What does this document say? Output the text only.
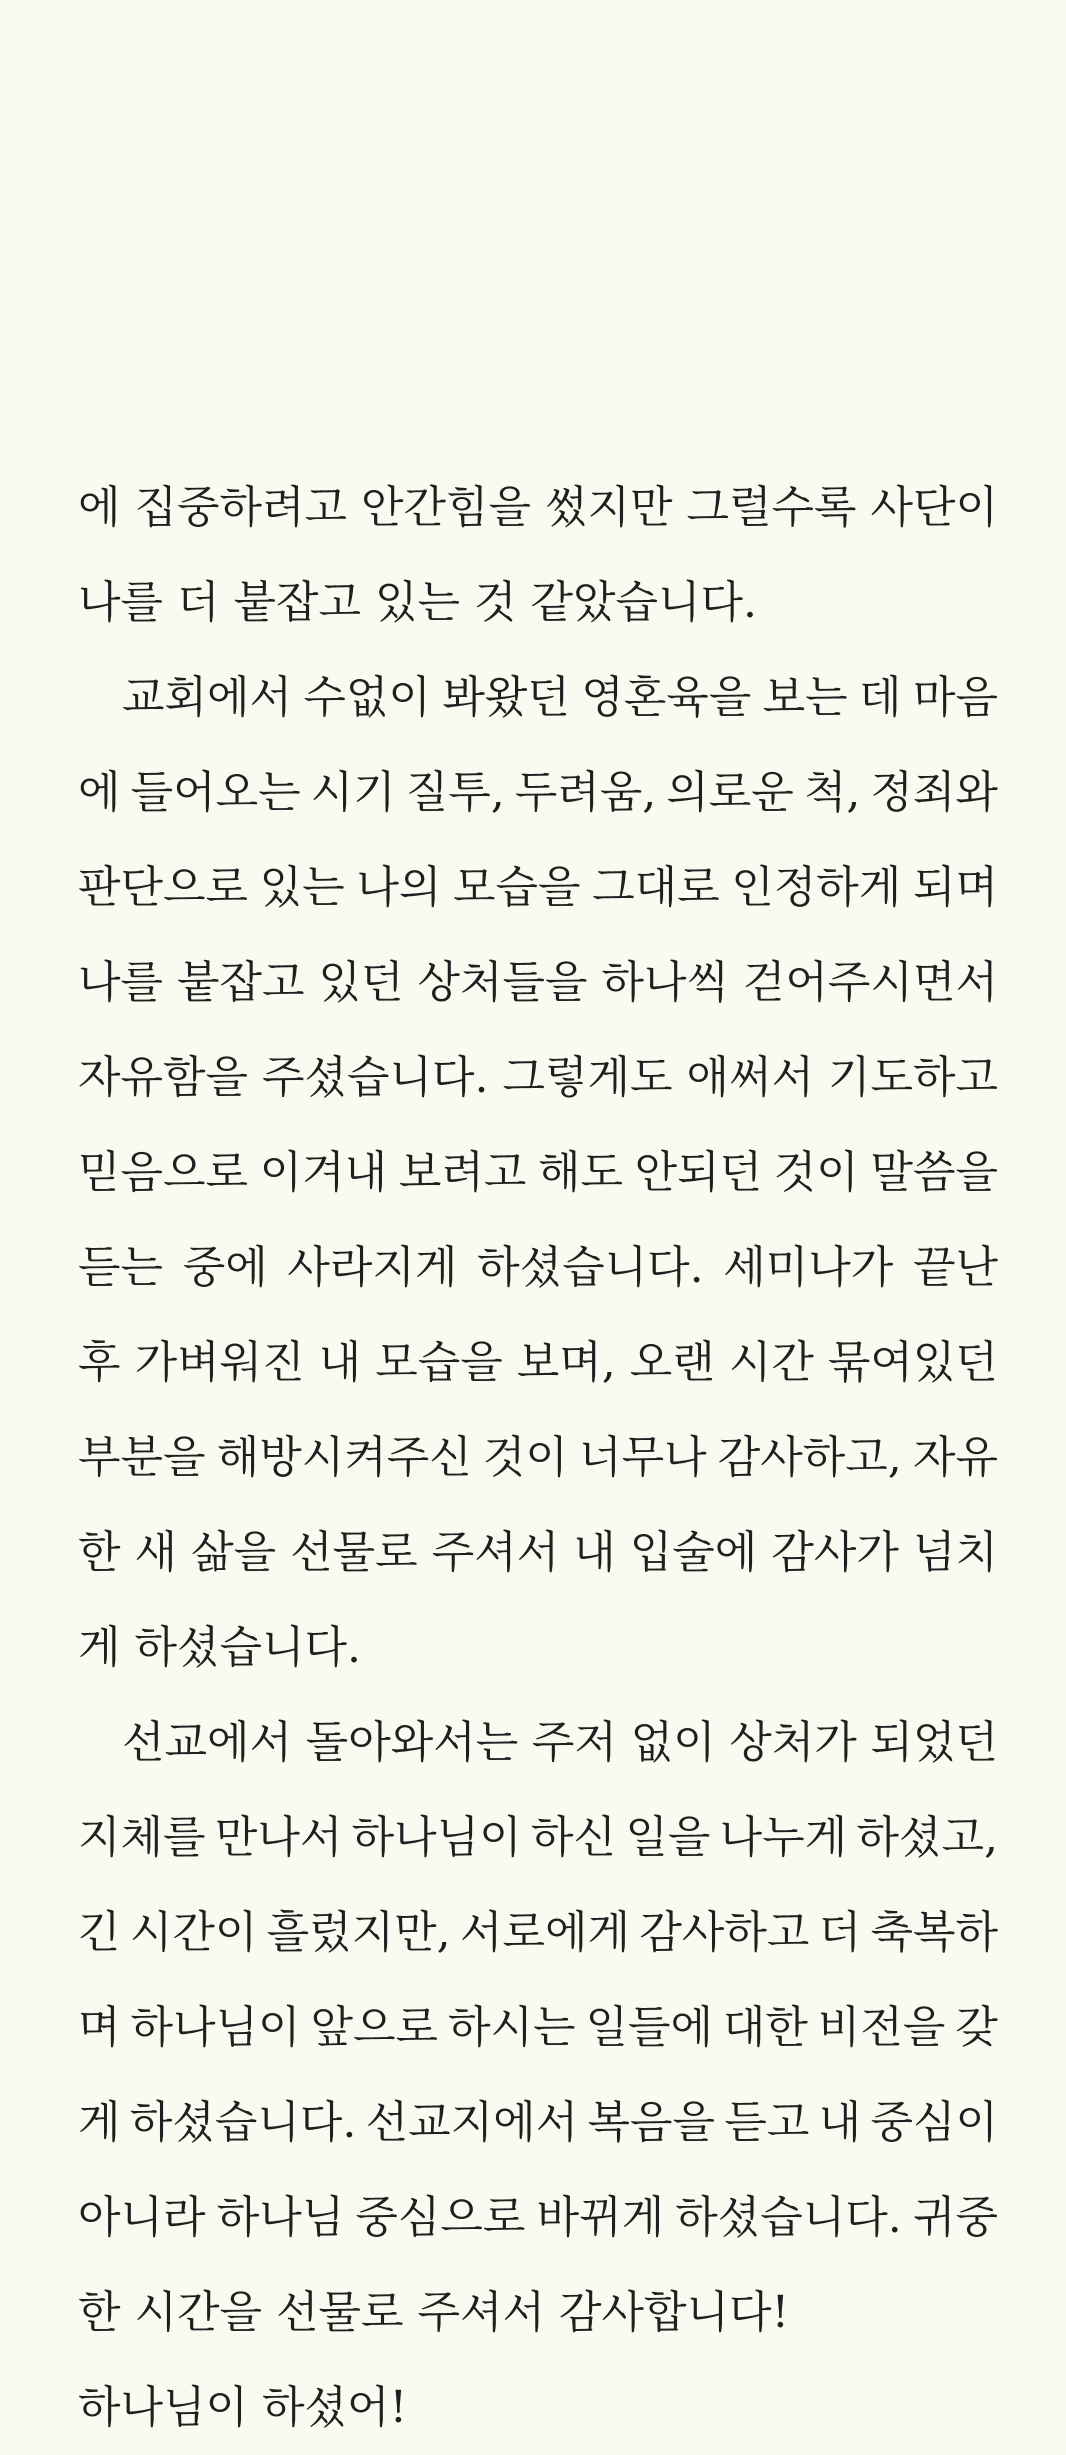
에 집중하려고 안간힘을 썼지만 그럴수록 사단이
나를 더 붙잡고 있는 것 같았습니다.
교회에서 수없이 봐왔던 영혼육을 보는 데 마음
에 들어오는 시기 질투, 두려움, 의로운 척, 정죄와
판단으로 있는 나의 모습을 그대로 인정하게 되며
나를 붙잡고 있던 상처들을 하나씩 걷어주시면서
자유함을 주셨습니다. 그렇게도 애써서 기도하고
믿음으로 이겨내 보려고 해도 안되던 것이 말씀을
듣는 중에 사라지게 하셨습니다. 세미나가 끝난
후 가벼워진 내 모습을 보며, 오랜 시간 묶여있던
부분을 해방시켜주신 것이 너무나 감사하고, 자유
한 새 삶을 선물로 주셔서 내 입술에 감사가 넘치
게 하셨습니다.
선교에서 돌아와서는 주저 없이 상처가 되었던
지체를 만나서 하나님이 하신 일을 나누게 하셨고,
긴 시간이 흘렀지만, 서로에게 감사하고 더 축복하
며 하나님이 앞으로 하시는 일들에 대한 비전을 갖
게 하셨습니다. 선교지에서 복음을 듣고 내 중심이
아니라 하나님 중심으로 바뀌게 하셨습니다. 귀중
한 시간을 선물로 주셔서 감사합니다!
하나님이 하셨어!
